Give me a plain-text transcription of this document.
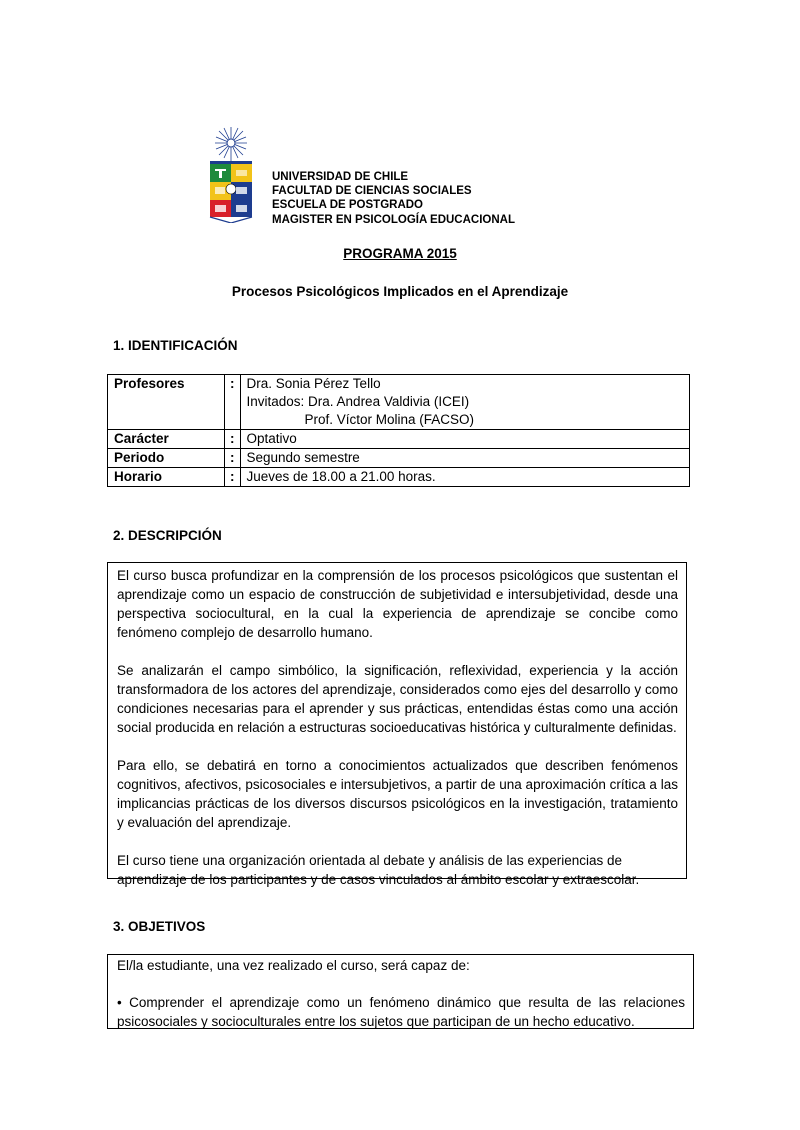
UNIVERSIDAD DE CHILE
FACULTAD DE CIENCIAS SOCIALES
ESCUELA DE POSTGRADO
MAGISTER EN PSICOLOGÍA EDUCACIONAL
PROGRAMA 2015
Procesos Psicológicos Implicados en el Aprendizaje
1. IDENTIFICACIÓN
Profesores	:	Dra. Sonia Pérez Tello
Invitados: Dra. Andrea Valdivia (ICEI)
Prof. Víctor Molina (FACSO)

Carácter	:	Optativo
Periodo	:	Segundo semestre
Horario	:	Jueves de 18.00 a 21.00 horas.
2. DESCRIPCIÓN

El curso busca profundizar en la comprensión de los procesos psicológicos que sustentan el aprendizaje como un espacio de construcción de subjetividad e intersubjetividad, desde una perspectiva sociocultural, en la cual la experiencia de aprendizaje se concibe como fenómeno complejo de desarrollo humano.

Se analizarán el campo simbólico, la significación, reflexividad, experiencia y la acción transformadora de los actores del aprendizaje, considerados como ejes del desarrollo y como condiciones necesarias para el aprender y sus prácticas, entendidas éstas como una acción social producida en relación a estructuras socioeducativas histórica y culturalmente definidas.

Para ello, se debatirá en torno a conocimientos actualizados que describen fenómenos cognitivos, afectivos, psicosociales e intersubjetivos, a partir de una aproximación crítica a las implicancias prácticas de los diversos discursos psicológicos en la investigación, tratamiento y evaluación del aprendizaje.

El curso tiene una organización orientada al debate y análisis de las experiencias de aprendizaje de los participantes y de casos vinculados al ámbito escolar y extraescolar.

3. OBJETIVOS

El/la estudiante, una vez realizado el curso, será capaz de:

• Comprender el aprendizaje como un fenómeno dinámico que resulta de las relaciones psicosociales y socioculturales entre los sujetos que participan de un hecho educativo.
